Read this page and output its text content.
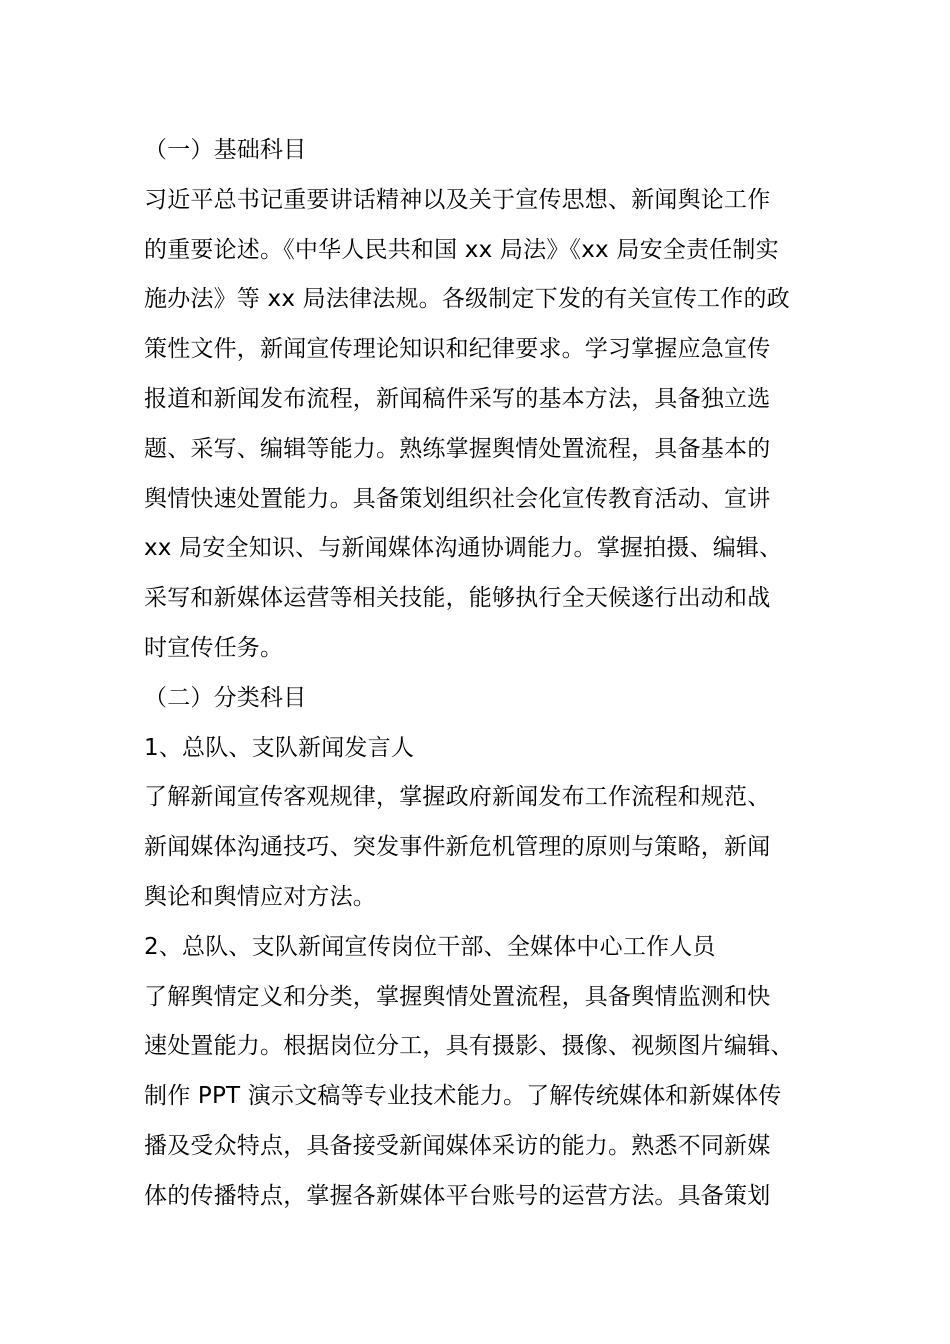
（一）基础科目
习近平总书记重要讲话精神以及关于宣传思想、新闻舆论工作
的重要论述。《中华人民共和国 xx 局法》《xx 局安全责任制实
施办法》等 xx 局法律法规。各级制定下发的有关宣传工作的政
策性文件，新闻宣传理论知识和纪律要求。学习掌握应急宣传
报道和新闻发布流程，新闻稿件采写的基本方法，具备独立选
题、采写、编辑等能力。熟练掌握舆情处置流程，具备基本的
舆情快速处置能力。具备策划组织社会化宣传教育活动、宣讲
xx 局安全知识、与新闻媒体沟通协调能力。掌握拍摄、编辑、
采写和新媒体运营等相关技能，能够执行全天候遂行出动和战
时宣传任务。
（二）分类科目
1、总队、支队新闻发言人
了解新闻宣传客观规律，掌握政府新闻发布工作流程和规范、
新闻媒体沟通技巧、突发事件新危机管理的原则与策略，新闻
舆论和舆情应对方法。
2、总队、支队新闻宣传岗位干部、全媒体中心工作人员
了解舆情定义和分类，掌握舆情处置流程，具备舆情监测和快
速处置能力。根据岗位分工，具有摄影、摄像、视频图片编辑、
制作 PPT 演示文稿等专业技术能力。了解传统媒体和新媒体传
播及受众特点，具备接受新闻媒体采访的能力。熟悉不同新媒
体的传播特点，掌握各新媒体平台账号的运营方法。具备策划
